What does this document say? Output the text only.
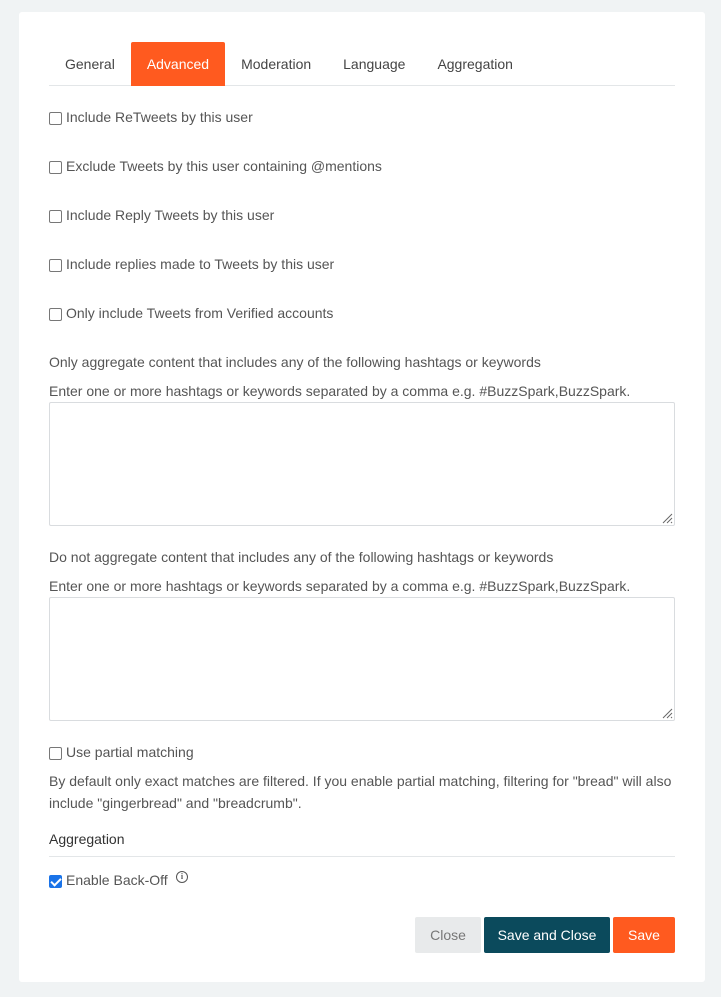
General	Advanced	Moderation	Language	Aggregation
Include ReTweets by this user
Exclude Tweets by this user containing @mentions
Include Reply Tweets by this user
Include replies made to Tweets by this user
Only include Tweets from Verified accounts
Only aggregate content that includes any of the following hashtags or keywords
Enter one or more hashtags or keywords separated by a comma e.g. #BuzzSpark,BuzzSpark.
Do not aggregate content that includes any of the following hashtags or keywords
Enter one or more hashtags or keywords separated by a comma e.g. #BuzzSpark,BuzzSpark.
Use partial matching
By default only exact matches are filtered. If you enable partial matching, filtering for "bread" will also
include "gingerbread" and "breadcrumb".
Aggregation
Enable Back-Off	i
Close	Save and Close	Save
